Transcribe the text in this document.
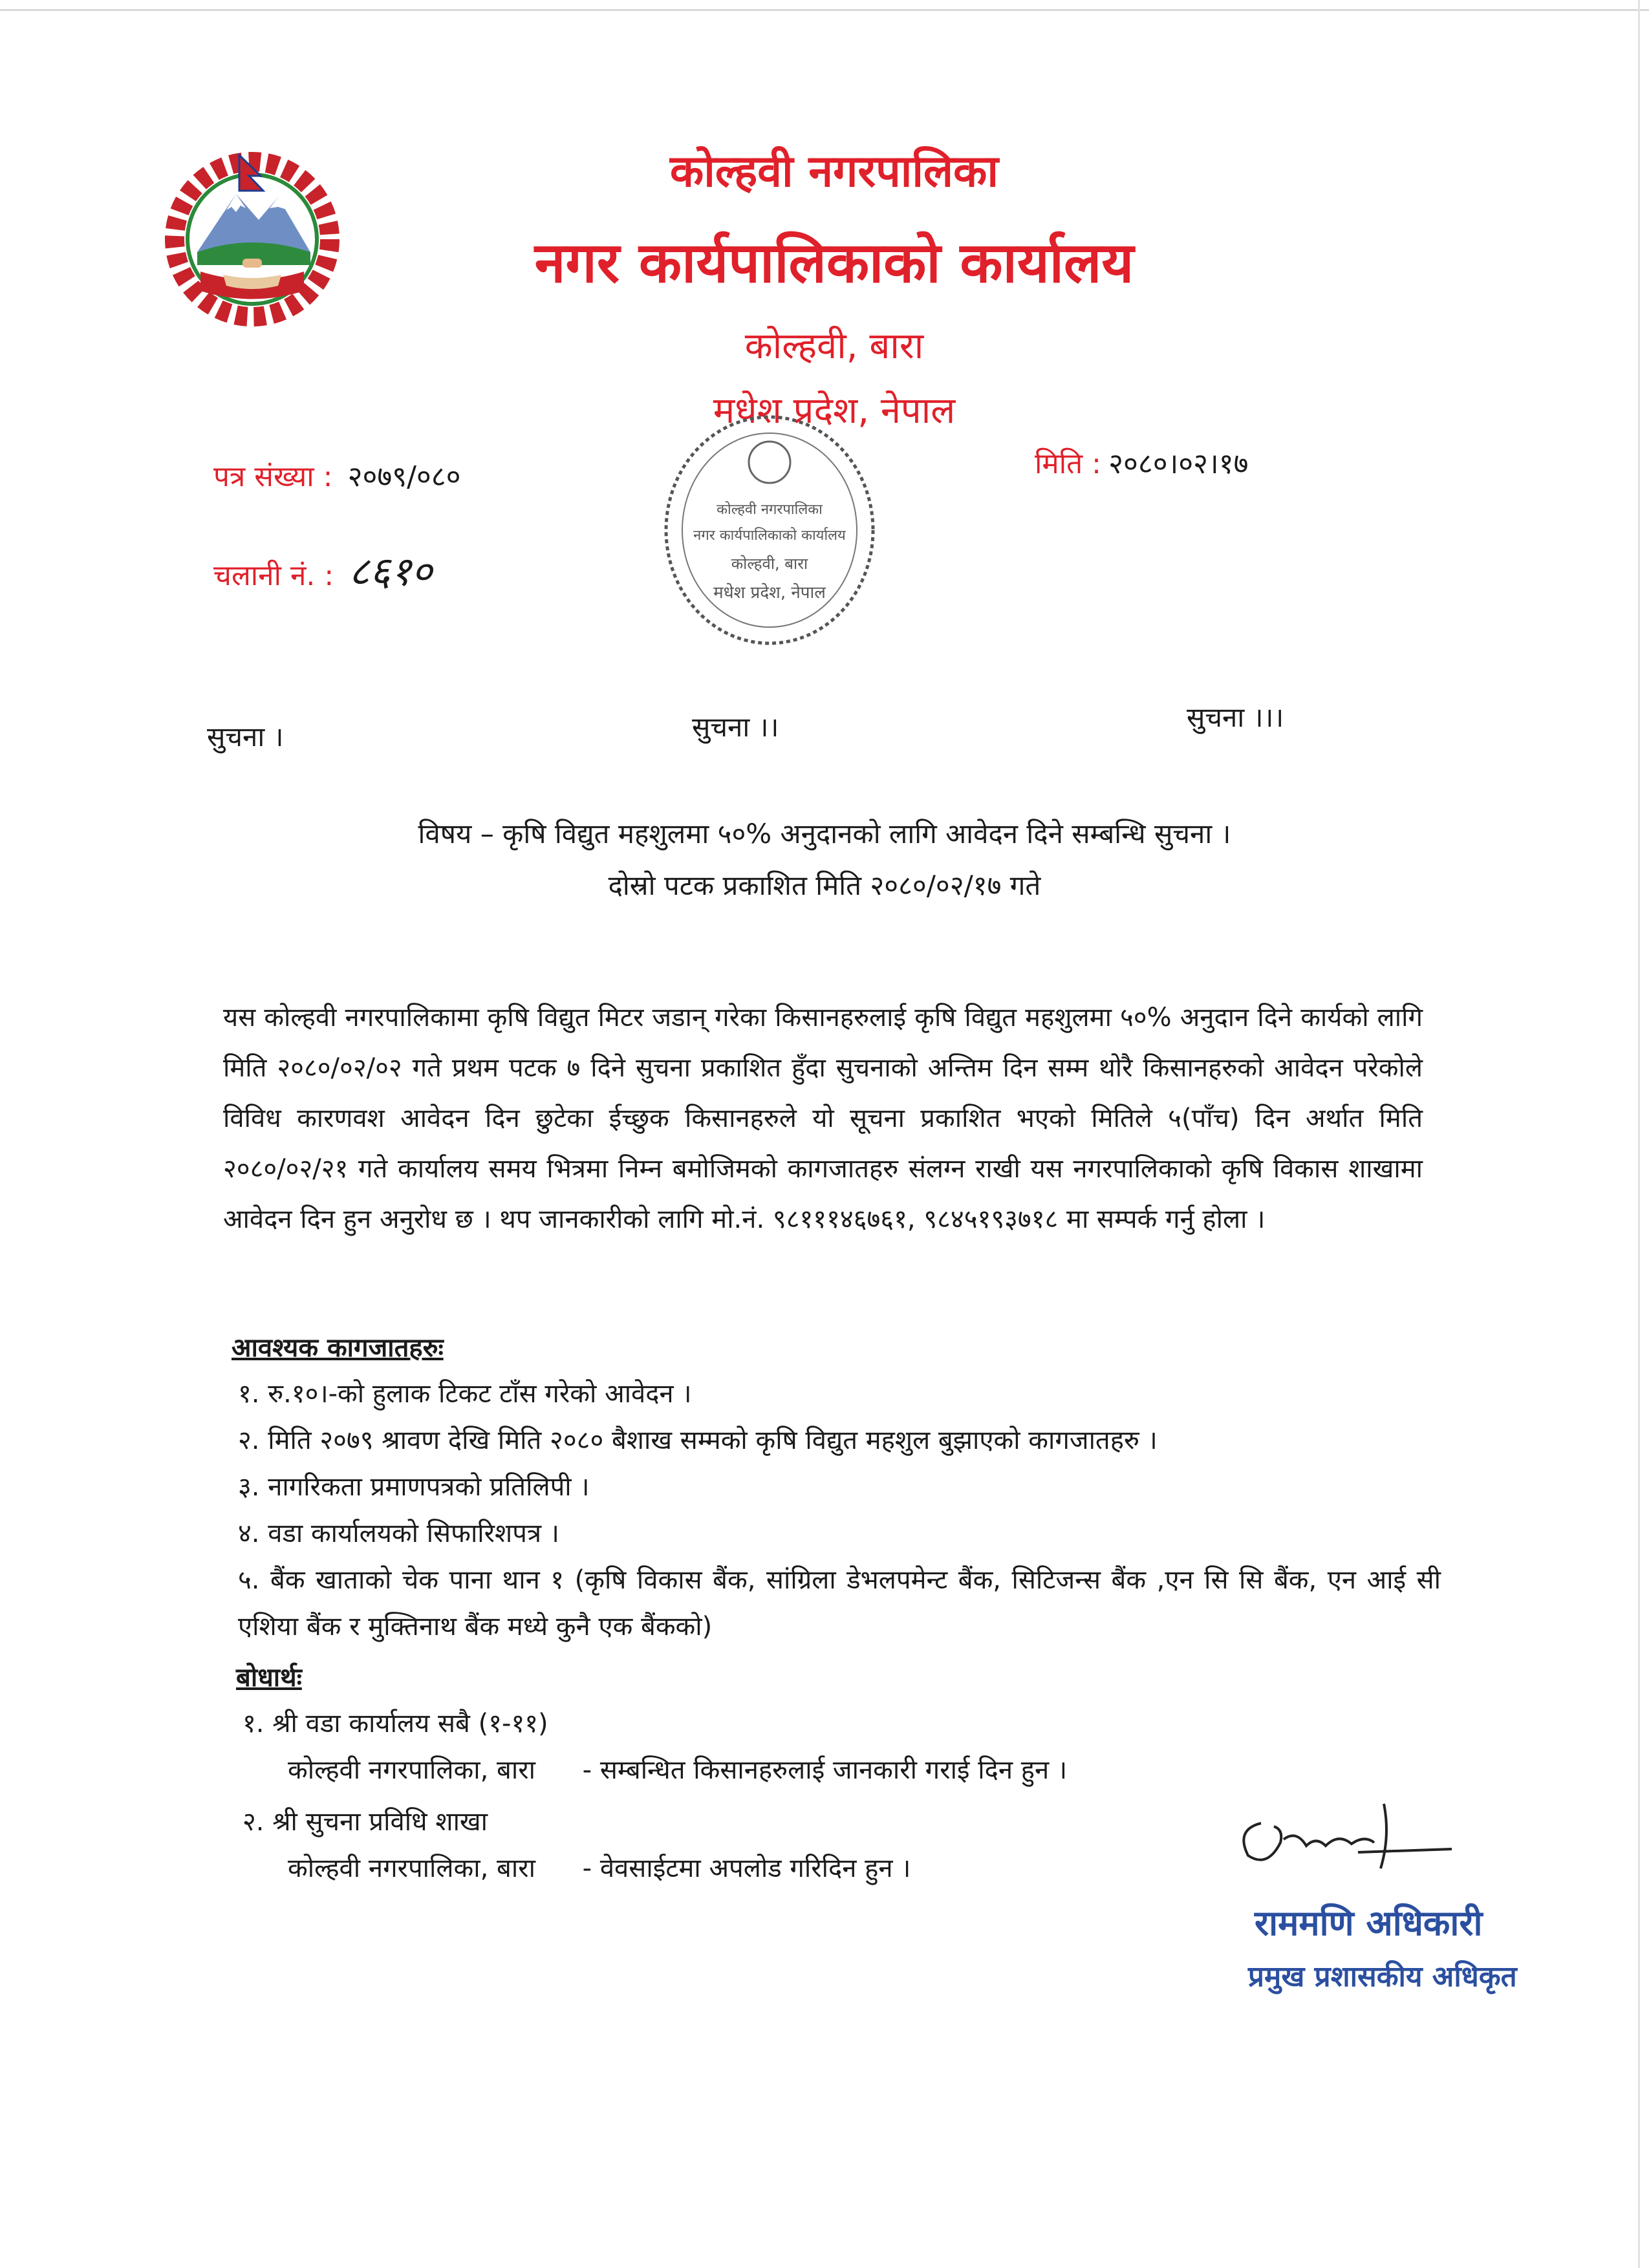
कोल्हवी नगरपालिका
नगर कार्यपालिकाको कार्यालय
कोल्हवी, बारा
मधेश प्रदेश, नेपाल
कोल्हवी नगरपालिका
नगर कार्यपालिकाको कार्यालय
कोल्हवी, बारा
मधेश प्रदेश, नेपाल
पत्र संख्या : २०७९/०८०
चलानी नं. : ८६१०
मिति : २०८०।०२।१७
सुचना ।	सुचना ।।	सुचना ।।।
विषय – कृषि विद्युत महशुलमा ५०% अनुदानको लागि आवेदन दिने सम्बन्धि सुचना ।
दोस्रो पटक प्रकाशित मिति २०८०/०२/१७ गते
यस कोल्हवी नगरपालिकामा कृषि विद्युत मिटर जडान् गरेका किसानहरुलाई कृषि विद्युत महशुलमा ५०% अनुदान दिने कार्यको लागि मिति २०८०/०२/०२ गते प्रथम पटक ७ दिने सुचना प्रकाशित हुँदा सुचनाको अन्तिम दिन सम्म थोरै किसानहरुको आवेदन परेकोले विविध कारणवश आवेदन दिन छुटेका ईच्छुक किसानहरुले यो सूचना प्रकाशित भएको मितिले ५(पाँच) दिन अर्थात मिति २०८०/०२/२१ गते कार्यालय समय भित्रमा निम्न बमोजिमको कागजातहरु संलग्न राखी यस नगरपालिकाको कृषि विकास शाखामा आवेदन दिन हुन अनुरोध छ । थप जानकारीको लागि मो.नं. ९८१११४६७६१, ९८४५१९३७१८ मा सम्पर्क गर्नु होला ।
आवश्यक कागजातहरुः
१. रु.१०।-को हुलाक टिकट टाँस गरेको आवेदन ।
२. मिति २०७९ श्रावण देखि मिति २०८० बैशाख सम्मको कृषि विद्युत महशुल बुझाएको कागजातहरु ।
३. नागरिकता प्रमाणपत्रको प्रतिलिपी ।
४. वडा कार्यालयको सिफारिशपत्र ।
५. बैंक खाताको चेक पाना थान १ (कृषि विकास बैंक, सांग्रिला डेभलपमेन्ट बैंक, सिटिजन्स बैंक ,एन सि सि बैंक, एन आई सी एशिया बैंक र मुक्तिनाथ बैंक मध्ये कुनै एक बैंकको)
बोधार्थः
१. श्री वडा कार्यालय सबै (१-११)
कोल्हवी नगरपालिका, बारा - सम्बन्धित किसानहरुलाई जानकारी गराई दिन हुन ।
२. श्री सुचना प्रविधि शाखा
कोल्हवी नगरपालिका, बारा - वेवसाईटमा अपलोड गरिदिन हुन ।
राममणि अधिकारी
प्रमुख प्रशासकीय अधिकृत
